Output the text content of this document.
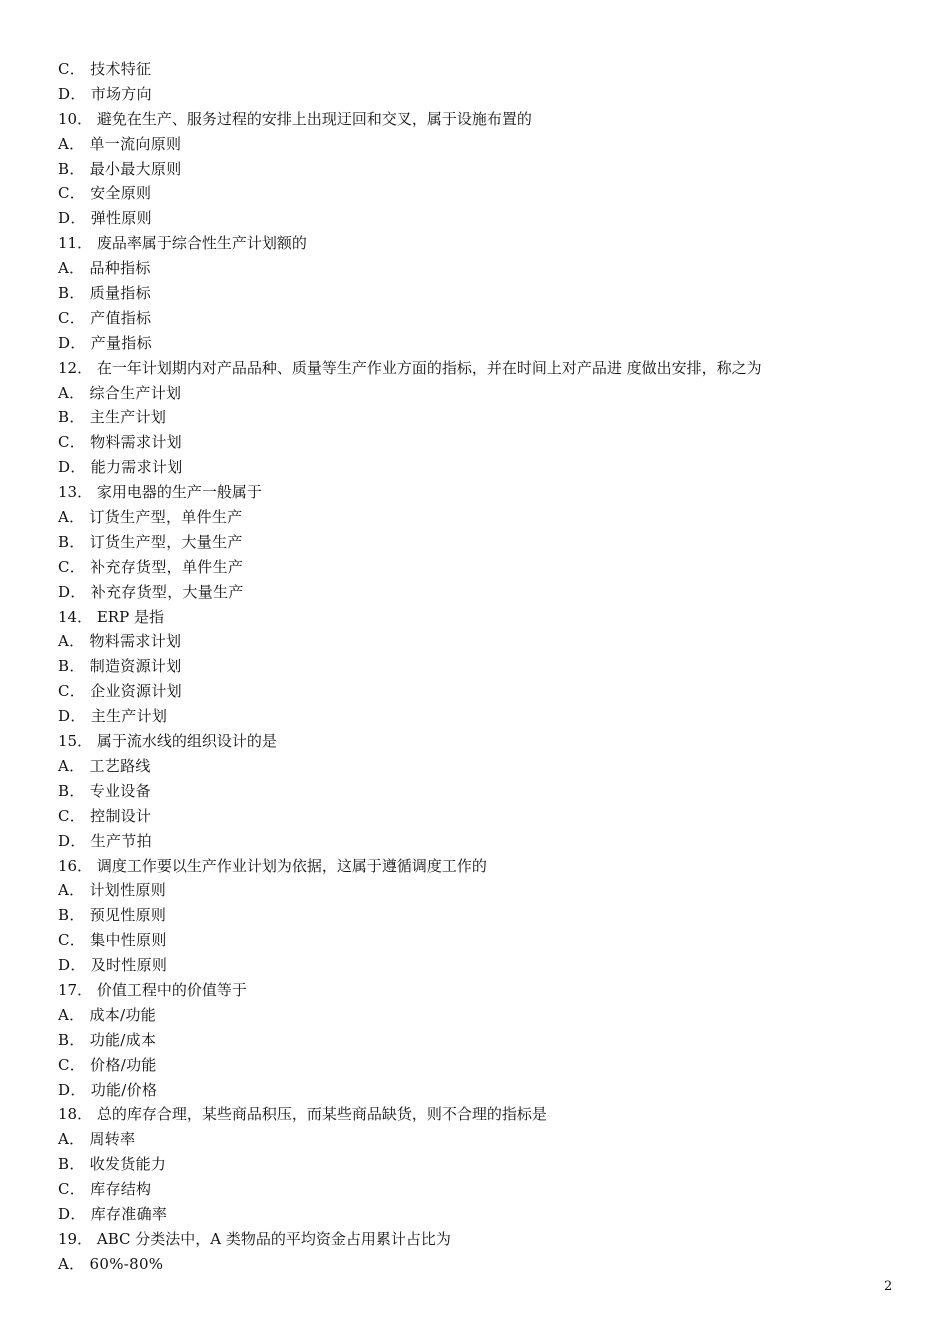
C． 技术特征
D． 市场方向
10． 避免在生产、服务过程的安排上出现迂回和交叉，属于设施布置的
A． 单一流向原则
B． 最小最大原则
C． 安全原则
D． 弹性原则
11． 废品率属于综合性生产计划额的
A． 品种指标
B． 质量指标
C． 产值指标
D． 产量指标
12． 在一年计划期内对产品品种、质量等生产作业方面的指标，并在时间上对产品进 度做出安排，称之为
A． 综合生产计划
B． 主生产计划
C． 物料需求计划
D． 能力需求计划
13． 家用电器的生产一般属于
A． 订货生产型，单件生产
B． 订货生产型，大量生产
C． 补充存货型，单件生产
D． 补充存货型，大量生产
14． ERP 是指
A． 物料需求计划
B． 制造资源计划
C． 企业资源计划
D． 主生产计划
15． 属于流水线的组织设计的是
A． 工艺路线
B． 专业设备
C． 控制设计
D． 生产节拍
16． 调度工作要以生产作业计划为依据，这属于遵循调度工作的
A． 计划性原则
B． 预见性原则
C． 集中性原则
D． 及时性原则
17． 价值工程中的价值等于
A． 成本/功能
B． 功能/成本
C． 价格/功能
D． 功能/价格
18． 总的库存合理，某些商品积压，而某些商品缺货，则不合理的指标是
A． 周转率
B． 收发货能力
C． 库存结构
D． 库存准确率
19． ABC 分类法中，A 类物品的平均资金占用累计占比为
A． 60%-80%
2
